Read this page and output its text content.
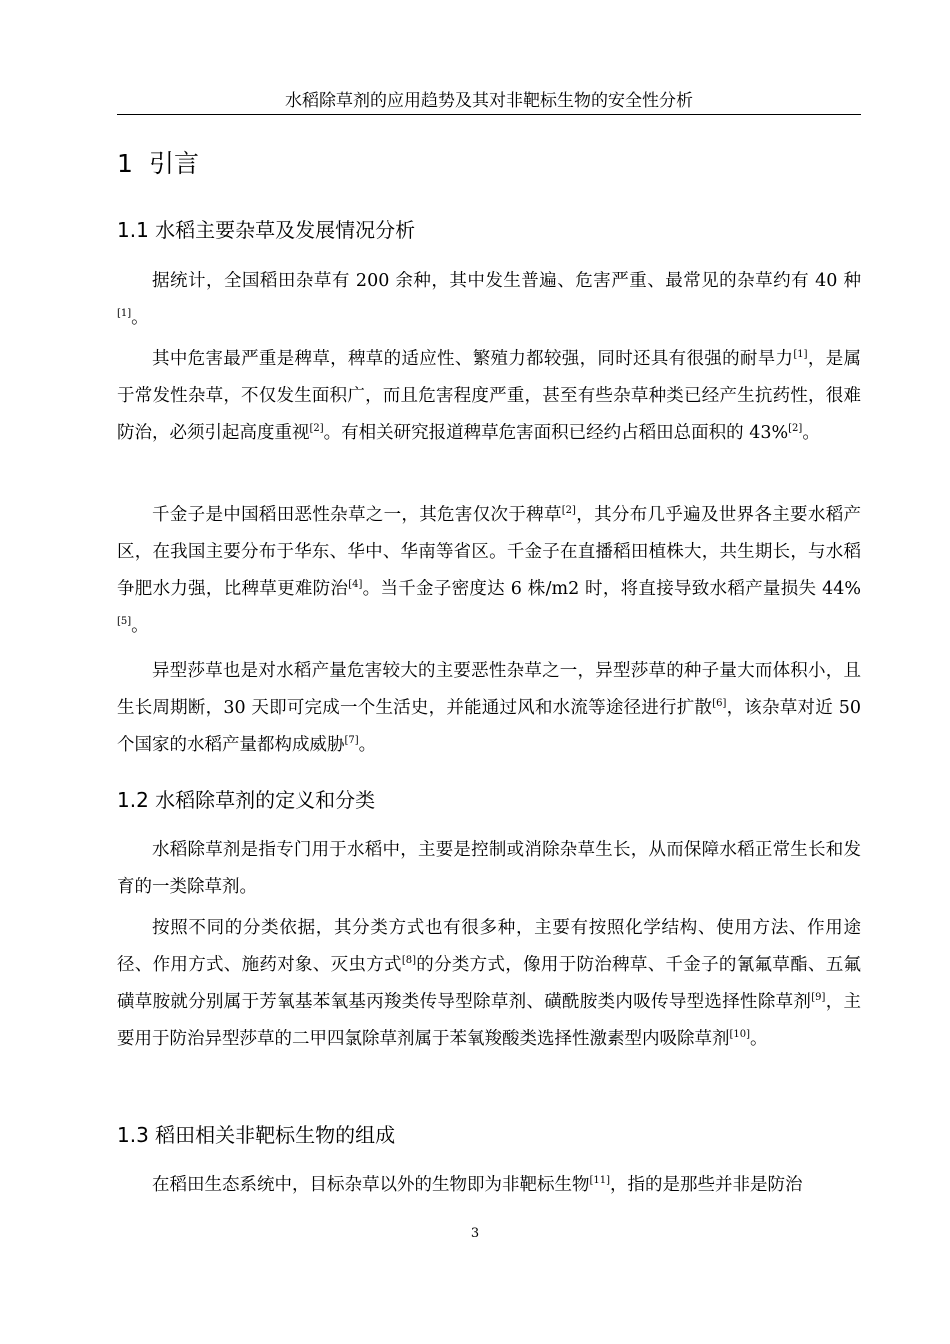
水稻除草剂的应用趋势及其对非靶标生物的安全性分析
1 引言
1.1 水稻主要杂草及发展情况分析

据统计，全国稻田杂草有 200 余种，其中发生普遍、危害严重、最常见的杂草约有 40 种[1]。

其中危害最严重是稗草，稗草的适应性、繁殖力都较强，同时还具有很强的耐旱力[1]，是属于常发性杂草，不仅发生面积广，而且危害程度严重，甚至有些杂草种类已经产生抗药性，很难防治，必须引起高度重视[2]。有相关研究报道稗草危害面积已经约占稻田总面积的 43%[2]。

千金子是中国稻田恶性杂草之一，其危害仅次于稗草[2]，其分布几乎遍及世界各主要水稻产区，在我国主要分布于华东、华中、华南等省区。千金子在直播稻田植株大，共生期长，与水稻争肥水力强，比稗草更难防治[4]。当千金子密度达 6 株/m2 时，将直接导致水稻产量损失 44%[5]。

异型莎草也是对水稻产量危害较大的主要恶性杂草之一，异型莎草的种子量大而体积小，且生长周期断，30 天即可完成一个生活史，并能通过风和水流等途径进行扩散[6]，该杂草对近 50 个国家的水稻产量都构成威胁[7]。

1.2 水稻除草剂的定义和分类

水稻除草剂是指专门用于水稻中，主要是控制或消除杂草生长，从而保障水稻正常生长和发育的一类除草剂。

按照不同的分类依据，其分类方式也有很多种，主要有按照化学结构、使用方法、作用途径、作用方式、施药对象、灭虫方式[8]的分类方式，像用于防治稗草、千金子的氰氟草酯、五氟磺草胺就分别属于芳氧基苯氧基丙羧类传导型除草剂、磺酰胺类内吸传导型选择性除草剂[9]，主要用于防治异型莎草的二甲四氯除草剂属于苯氧羧酸类选择性激素型内吸除草剂[10]。

1.3 稻田相关非靶标生物的组成

在稻田生态系统中，目标杂草以外的生物即为非靶标生物[11]，指的是那些并非是防治

3
